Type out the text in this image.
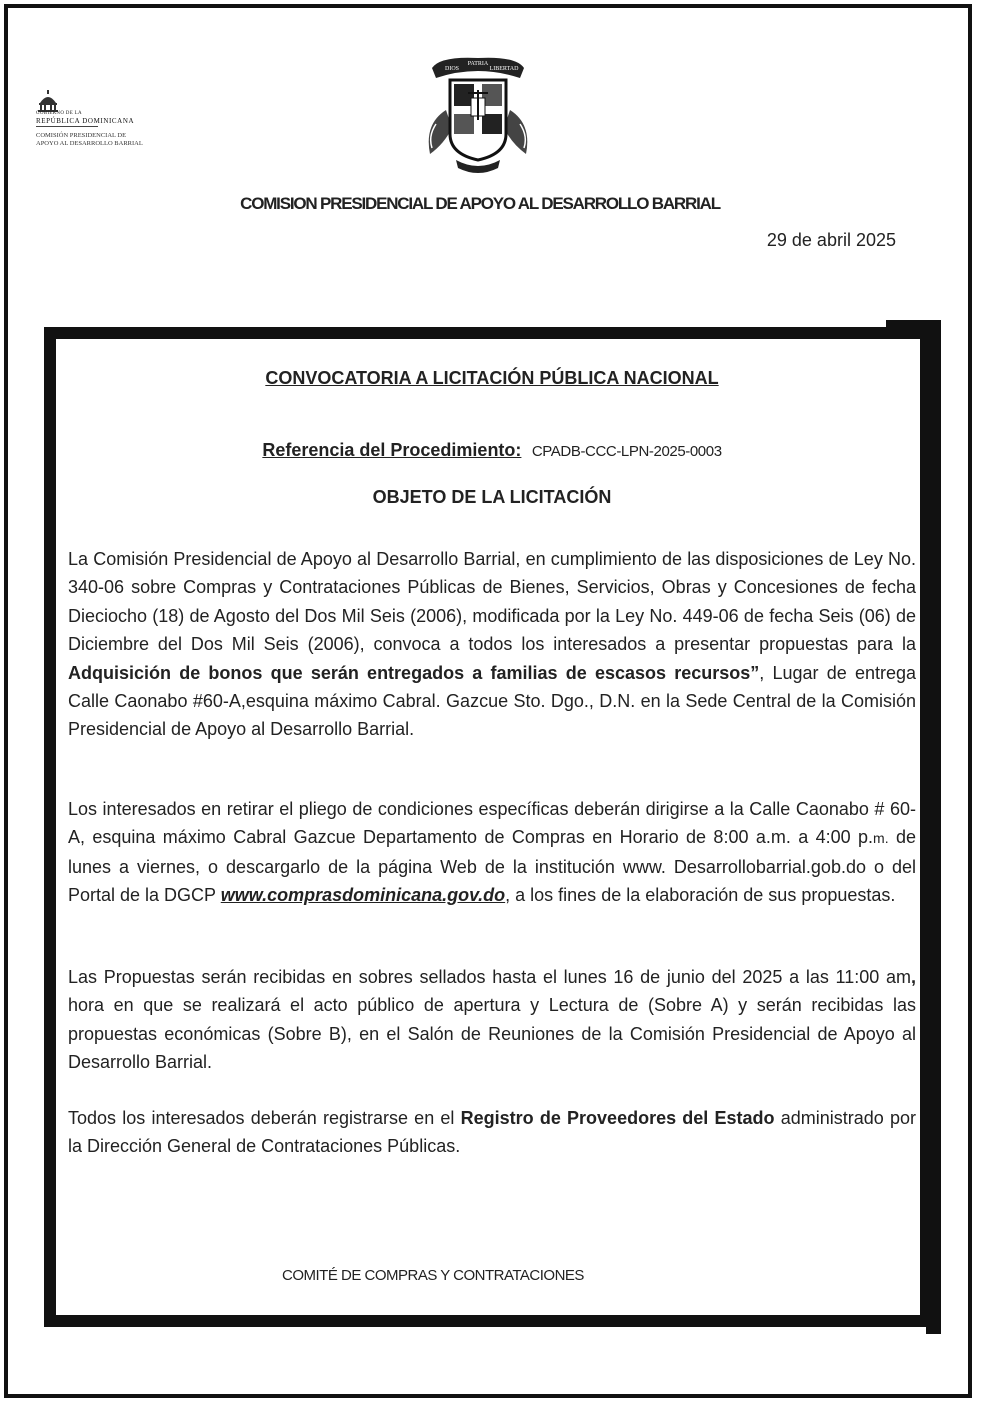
GOBIERNO DE LA
REPÚBLICA DOMINICANA
COMISIÓN PRESIDENCIAL DE
APOYO AL DESARROLLO BARRIAL
DIOS
PATRIA
LIBERTAD
COMISION PRESIDENCIAL DE APOYO AL DESARROLLO BARRIAL
29 de abril 2025
CONVOCATORIA A LICITACIÓN PÚBLICA NACIONAL
Referencia del Procedimiento: CPADB-CCC-LPN-2025-0003
OBJETO DE LA LICITACIÓN

La Comisión Presidencial de Apoyo al Desarrollo Barrial, en cumplimiento de las disposiciones de Ley No. 340-06 sobre Compras y Contrataciones Públicas de Bienes, Servicios, Obras y Concesiones de fecha Dieciocho (18) de Agosto del Dos Mil Seis (2006), modificada por la Ley No. 449-06 de fecha Seis (06) de Diciembre del Dos Mil Seis (2006), convoca a todos los interesados a presentar propuestas para la Adquisición de bonos que serán entregados a familias de escasos recursos”, Lugar de entrega Calle Caonabo #60-A,esquina máximo Cabral. Gazcue Sto. Dgo., D.N. en la Sede Central de la Comisión Presidencial de Apoyo al Desarrollo Barrial.

Los interesados en retirar el pliego de condiciones específicas deberán dirigirse a la Calle Caonabo # 60-A, esquina máximo Cabral Gazcue Departamento de Compras en Horario de 8:00 a.m. a 4:00 p.m. de lunes a viernes, o descargarlo de la página Web de la institución www. Desarrollobarrial.gob.do o del Portal de la DGCP www.comprasdominicana.gov.do, a los fines de la elaboración de sus propuestas.

Las Propuestas serán recibidas en sobres sellados hasta el lunes 16 de junio del 2025 a las 11:00 am, hora en que se realizará el acto público de apertura y Lectura de (Sobre A) y serán recibidas las propuestas económicas (Sobre B), en el Salón de Reuniones de la Comisión Presidencial de Apoyo al Desarrollo Barrial.

Todos los interesados deberán registrarse en el Registro de Proveedores del Estado administrado por la Dirección General de Contrataciones Públicas.

COMITÉ DE COMPRAS Y CONTRATACIONES
